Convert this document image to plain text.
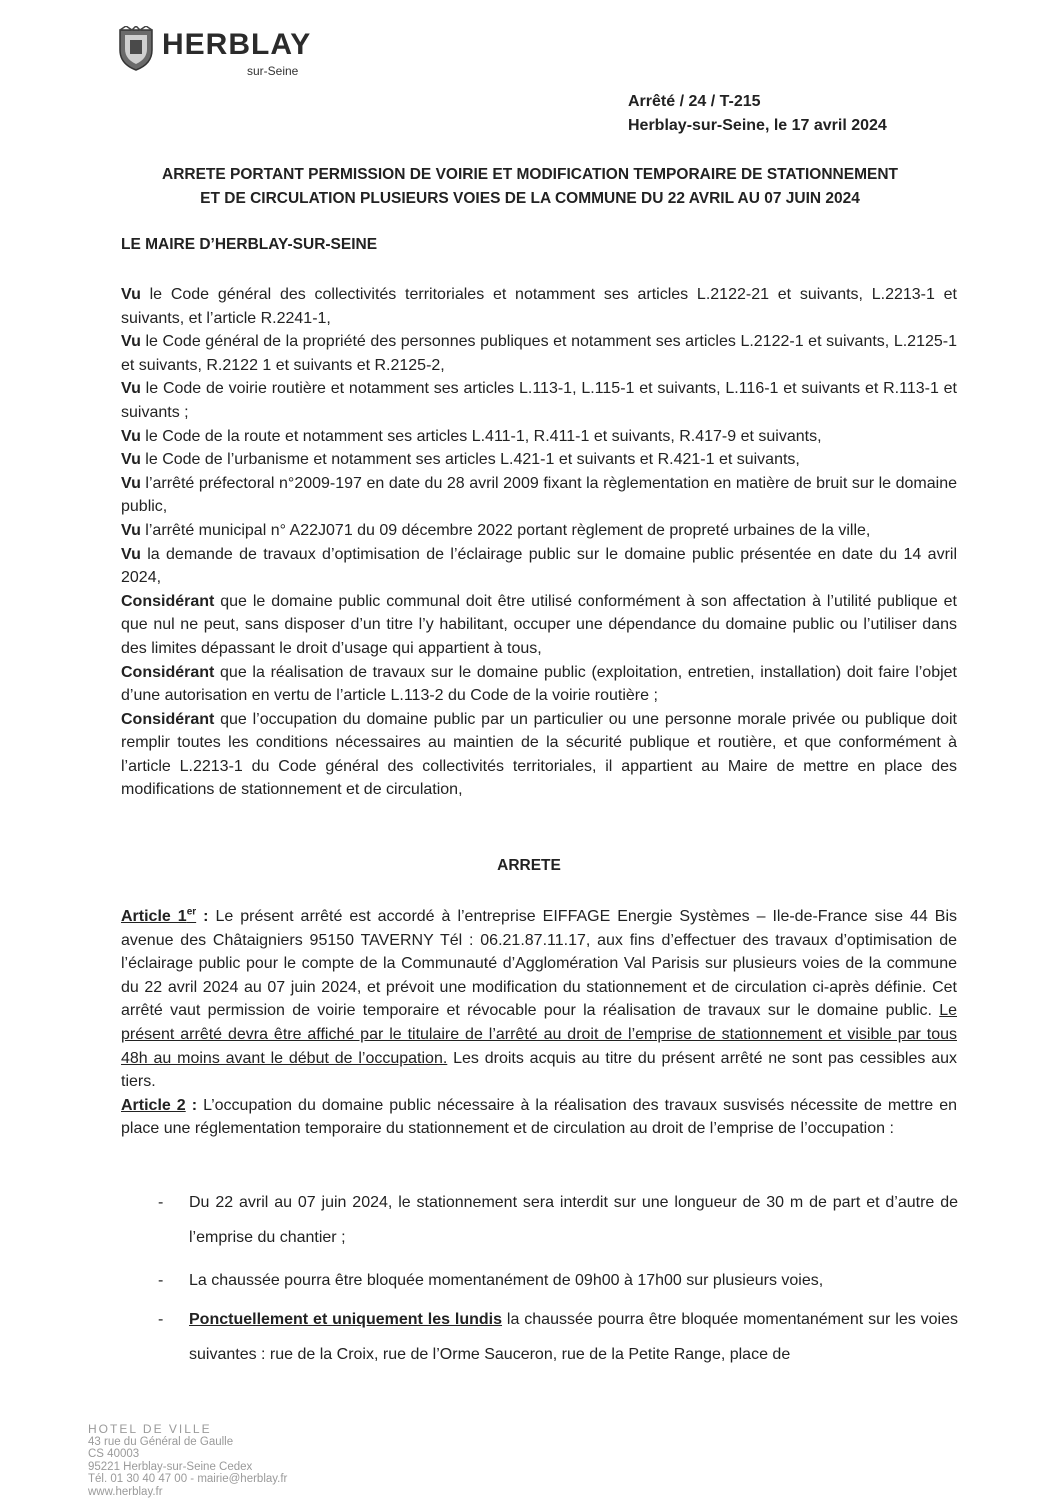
HERBLAY
sur-Seine
Arrêté / 24 / T-215
Herblay-sur-Seine, le 17 avril 2024
ARRETE PORTANT PERMISSION DE VOIRIE ET MODIFICATION TEMPORAIRE DE STATIONNEMENT
ET DE CIRCULATION PLUSIEURS VOIES DE LA COMMUNE DU 22 AVRIL AU 07 JUIN 2024
LE MAIRE D’HERBLAY-SUR-SEINE

Vu le Code général des collectivités territoriales et notamment ses articles L.2122-21 et suivants, L.2213-1 et suivants, et l’article R.2241-1,

Vu le Code général de la propriété des personnes publiques et notamment ses articles L.2122-1 et suivants, L.2125-1 et suivants, R.2122 1 et suivants et R.2125-2,

Vu le Code de voirie routière et notamment ses articles L.113-1, L.115-1 et suivants, L.116-1 et suivants et R.113-1 et suivants ;

Vu le Code de la route et notamment ses articles L.411-1, R.411-1 et suivants, R.417-9 et suivants,

Vu le Code de l’urbanisme et notamment ses articles L.421-1 et suivants et R.421-1 et suivants,

Vu l’arrêté préfectoral n°2009-197 en date du 28 avril 2009 fixant la règlementation en matière de bruit sur le domaine public,

Vu l’arrêté municipal n° A22J071 du 09 décembre 2022 portant règlement de propreté urbaines de la ville,

Vu la demande de travaux d’optimisation de l’éclairage public sur le domaine public présentée en date du 14 avril 2024,

Considérant que le domaine public communal doit être utilisé conformément à son affectation à l’utilité publique et que nul ne peut, sans disposer d’un titre l’y habilitant, occuper une dépendance du domaine public ou l’utiliser dans des limites dépassant le droit d’usage qui appartient à tous,

Considérant que la réalisation de travaux sur le domaine public (exploitation, entretien, installation) doit faire l’objet d’une autorisation en vertu de l’article L.113-2 du Code de la voirie routière ;

Considérant que l’occupation du domaine public par un particulier ou une personne morale privée ou publique doit remplir toutes les conditions nécessaires au maintien de la sécurité publique et routière, et que conformément à l’article L.2213-1 du Code général des collectivités territoriales, il appartient au Maire de mettre en place des modifications de stationnement et de circulation,

ARRETE

Article 1er : Le présent arrêté est accordé à l’entreprise EIFFAGE Energie Systèmes – Ile-de-France sise 44 Bis avenue des Châtaigniers 95150 TAVERNY Tél : 06.21.87.11.17, aux fins d’effectuer des travaux d’optimisation de l’éclairage public pour le compte de la Communauté d’Agglomération Val Parisis sur plusieurs voies de la commune du 22 avril 2024 au 07 juin 2024, et prévoit une modification du stationnement et de circulation ci-après définie. Cet arrêté vaut permission de voirie temporaire et révocable pour la réalisation de travaux sur le domaine public. Le présent arrêté devra être affiché par le titulaire de l’arrêté au droit de l’emprise de stationnement et visible par tous 48h au moins avant le début de l’occupation. Les droits acquis au titre du présent arrêté ne sont pas cessibles aux tiers.

Article 2 : L’occupation du domaine public nécessaire à la réalisation des travaux susvisés nécessite de mettre en place une réglementation temporaire du stationnement et de circulation au droit de l’emprise de l’occupation :

- Du 22 avril au 07 juin 2024, le stationnement sera interdit sur une longueur de 30 m de part et d’autre de l’emprise du chantier ;
- La chaussée pourra être bloquée momentanément de 09h00 à 17h00 sur plusieurs voies,
- Ponctuellement et uniquement les lundis la chaussée pourra être bloquée momentanément sur les voies suivantes : rue de la Croix, rue de l’Orme Sauceron, rue de la Petite Range, place de
HOTEL DE VILLE
43 rue du Général de Gaulle
CS 40003
95221 Herblay-sur-Seine Cedex
Tél. 01 30 40 47 00 - mairie@herblay.fr
www.herblay.fr
